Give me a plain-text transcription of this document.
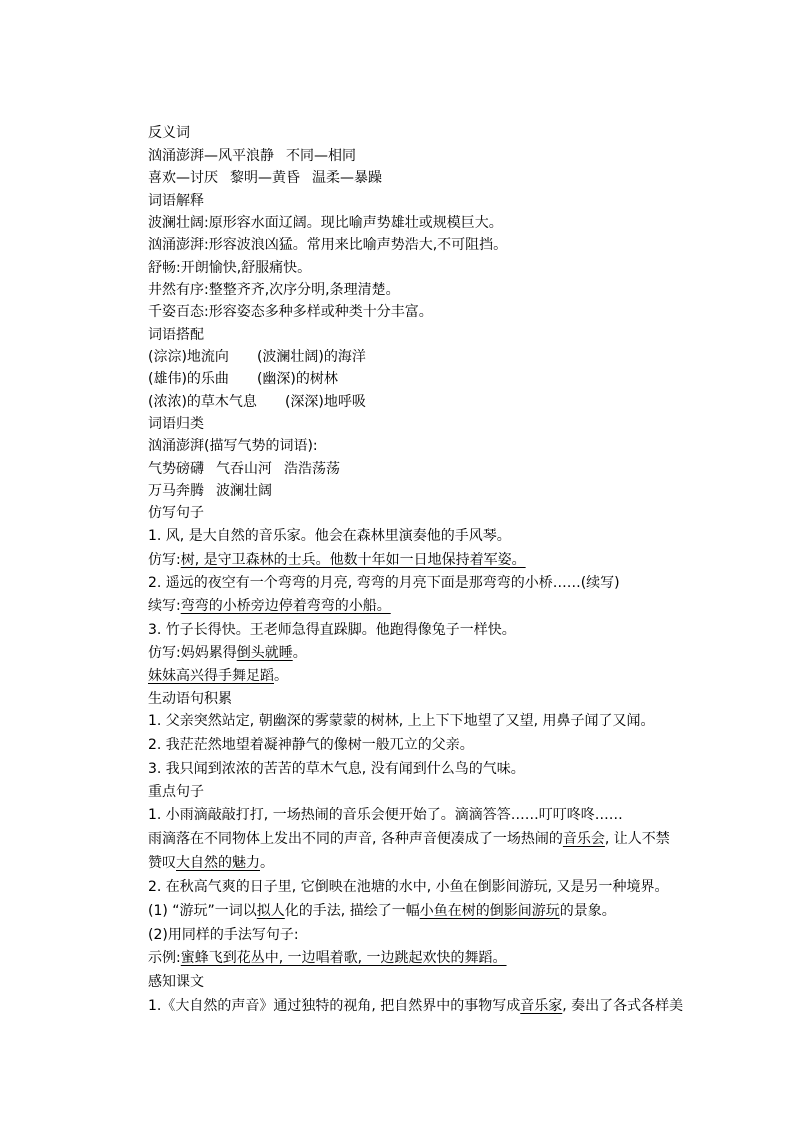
反义词
汹涌澎湃—风平浪静 不同—相同
喜欢—讨厌 黎明—黄昏 温柔—暴躁
词语解释
波澜壮阔:原形容水面辽阔。现比喻声势雄壮或规模巨大。
汹涌澎湃:形容波浪凶猛。常用来比喻声势浩大,不可阻挡。
舒畅:开朗愉快,舒服痛快。
井然有序:整整齐齐,次序分明,条理清楚。
千姿百态:形容姿态多种多样或种类十分丰富。
词语搭配
(淙淙)地流向 (波澜壮阔)的海洋
(雄伟)的乐曲 (幽深)的树林
(浓浓)的草木气息 (深深)地呼吸
词语归类
汹涌澎湃(描写气势的词语):
气势磅礴 气吞山河 浩浩荡荡
万马奔腾 波澜壮阔
仿写句子
1. 风, 是大自然的音乐家。他会在森林里演奏他的手风琴。
仿写:树, 是守卫森林的士兵。他数十年如一日地保持着军姿。
2. 遥远的夜空有一个弯弯的月亮, 弯弯的月亮下面是那弯弯的小桥……(续写)
续写:弯弯的小桥旁边停着弯弯的小船。
3. 竹子长得快。王老师急得直跺脚。他跑得像兔子一样快。
仿写:妈妈累得倒头就睡。
妹妹高兴得手舞足蹈。
生动语句积累
1. 父亲突然站定, 朝幽深的雾蒙蒙的树林, 上上下下地望了又望, 用鼻子闻了又闻。
2. 我茫茫然地望着凝神静气的像树一般兀立的父亲。
3. 我只闻到浓浓的苦苦的草木气息, 没有闻到什么鸟的气味。
重点句子
1. 小雨滴敲敲打打, 一场热闹的音乐会便开始了。滴滴答答……叮叮咚咚……
雨滴落在不同物体上发出不同的声音, 各种声音便凑成了一场热闹的音乐会, 让人不禁
赞叹大自然的魅力。
2. 在秋高气爽的日子里, 它倒映在池塘的水中, 小鱼在倒影间游玩, 又是另一种境界。
(1) “游玩”一词以拟人化的手法, 描绘了一幅小鱼在树的倒影间游玩的景象。
(2)用同样的手法写句子:
示例:蜜蜂飞到花丛中, 一边唱着歌, 一边跳起欢快的舞蹈。
感知课文
1.《大自然的声音》通过独特的视角, 把自然界中的事物写成音乐家, 奏出了各式各样美
